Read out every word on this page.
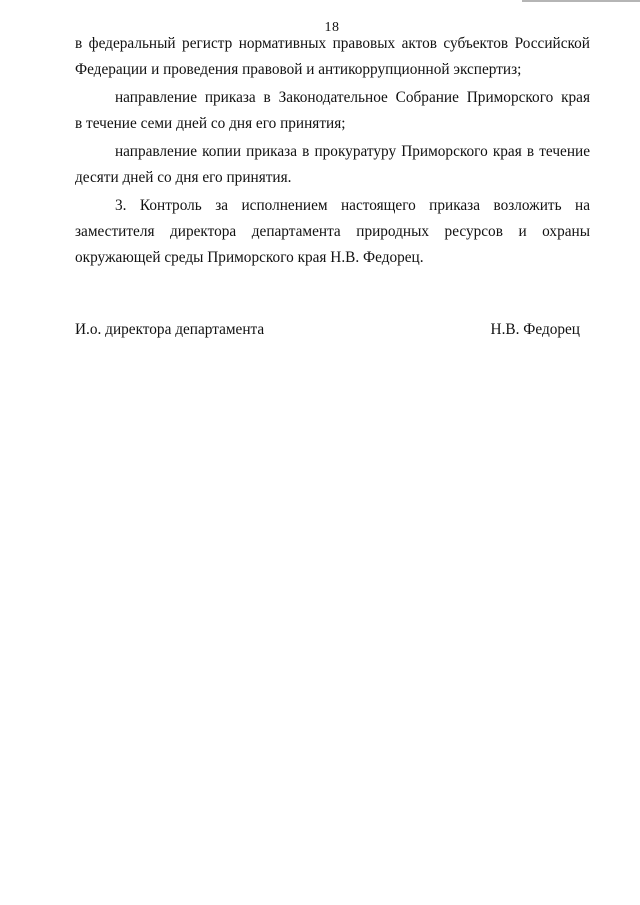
18
в федеральный регистр нормативных правовых актов субъектов Российской
Федерации и проведения правовой и антикоррупционной экспертиз;
направление приказа в Законодательное Собрание Приморского края
в течение семи дней со дня его принятия;
направление копии приказа в прокуратуру Приморского края в течение
десяти дней со дня его принятия.
3. Контроль за исполнением настоящего приказа возложить на
заместителя директора департамента природных ресурсов и охраны
окружающей среды Приморского края Н.В. Федорец.
И.о. директора департамента	Н.В. Федорец
